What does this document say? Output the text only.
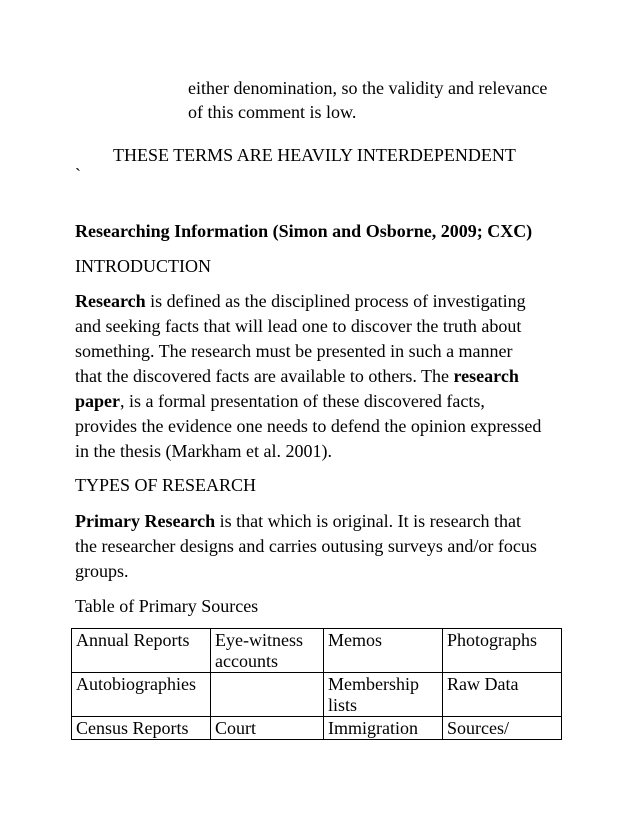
either denomination, so the validity and relevance
of this comment is low.
THESE TERMS ARE HEAVILY INTERDEPENDENT
`
Researching Information (Simon and Osborne, 2009; CXC)
INTRODUCTION
Research is defined as the disciplined process of investigating
and seeking facts that will lead one to discover the truth about
something. The research must be presented in such a manner
that the discovered facts are available to others. The research
paper, is a formal presentation of these discovered facts,
provides the evidence one needs to defend the opinion expressed
in the thesis (Markham et al. 2001).
TYPES OF RESEARCH
Primary Research is that which is original. It is research that
the researcher designs and carries outusing surveys and/or focus
groups.
Table of Primary Sources
Annual Reports	Eye-witness accounts	Memos	Photographs
Autobiographies		Membership lists	Raw Data
Census Reports	Court	Immigration	Sources/
